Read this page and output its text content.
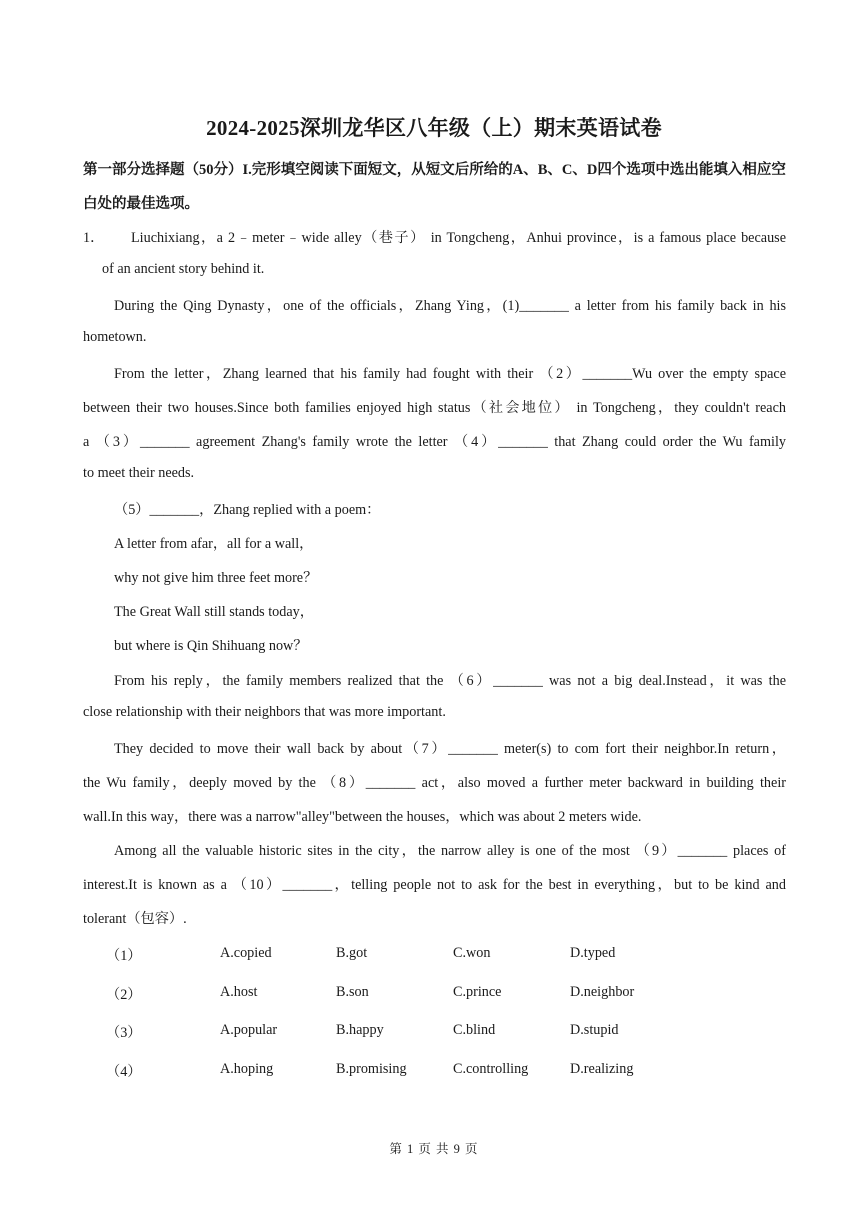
2024-2025深圳龙华区八年级（上）期末英语试卷
第一部分选择题（50分）I.完形填空阅读下面短文，从短文后所给的A、B、C、D四个选项中选出能填入相应空白处的最佳选项。
1． Liuchixiang，a 2﹣meter﹣wide alley（巷子） in Tongcheng，Anhui province，is a famous place because
of an ancient story behind it.
During the Qing Dynasty，one of the officials，Zhang Ying，(1)_______ a letter from his family back in his
hometown.
From the letter，Zhang learned that his family had fought with their （2）_______Wu over the empty space
between their two houses.Since both families enjoyed high status（社会地位） in Tongcheng，they couldn't reach
a （3）_______ agreement Zhang's family wrote the letter （4）_______ that Zhang could order the Wu family
to meet their needs.
（5）_______，Zhang replied with a poem：
A letter from afar，all for a wall，
why not give him three feet more？
The Great Wall still stands today，
but where is Qin Shihuang now？
From his reply，the family members realized that the （6）_______ was not a big deal.Instead，it was the
close relationship with their neighbors that was more important.
They decided to move their wall back by about（7）_______ meter(s) to com fort their neighbor.In return，
the Wu family，deeply moved by the （8）_______ act，also moved a further meter backward in building their
wall.In this way，there was a narrow"alley"between the houses，which was about 2 meters wide.
Among all the valuable historic sites in the city，the narrow alley is one of the most （9）_______ places of
interest.It is known as a （10）_______，telling people not to ask for the best in everything，but to be kind and
tolerant（包容）.
（1）	A.copied	B.got	C.won	D.typed
（2）	A.host	B.son	C.prince	D.neighbor
（3）	A.popular	B.happy	C.blind	D.stupid
（4）	A.hoping	B.promising	C.controlling	D.realizing
第 1 页 共 9 页
